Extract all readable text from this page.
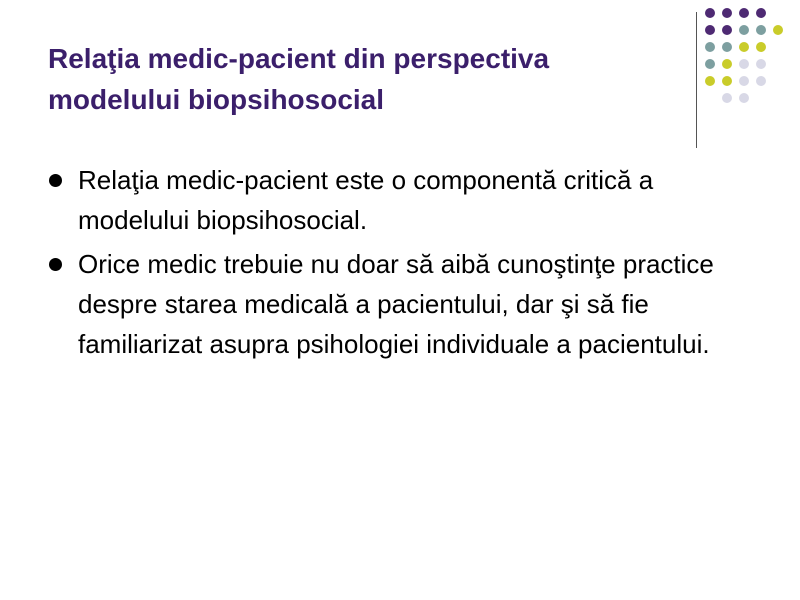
Relaţia medic-pacient din perspectiva modelului biopsihosocial
Relaţia medic-pacient este o componentă critică a modelului biopsihosocial.
Orice medic trebuie nu doar să aibă cunoştinţe practice despre starea medicală a pacientului, dar şi să fie familiarizat asupra psihologiei individuale a pacientului.
